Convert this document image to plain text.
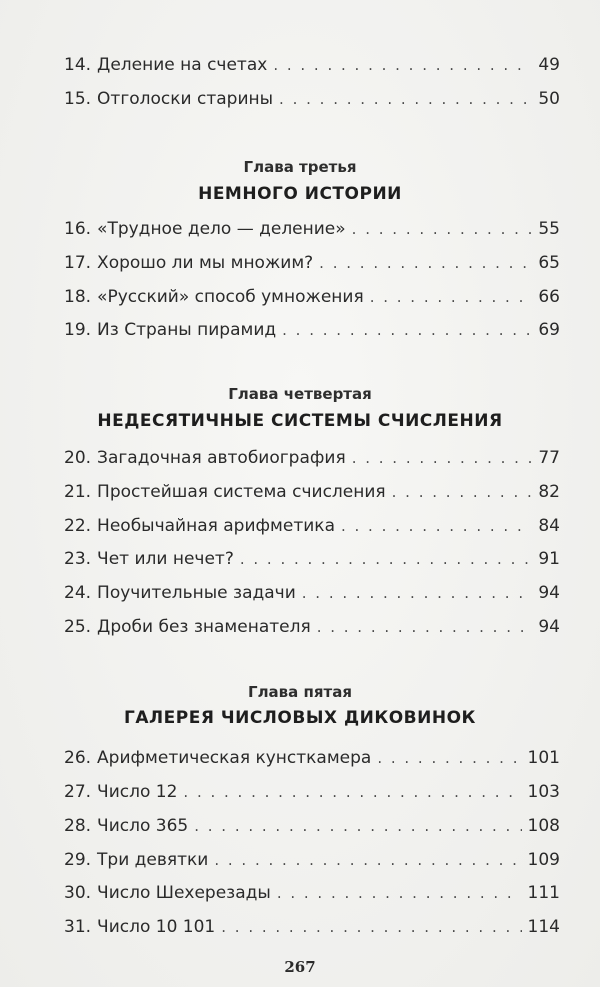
14. Деление на счетах . . .	49
15. Отголоски старины . . .	50
Глава третья
НЕМНОГО ИСТОРИИ
16. «Трудное дело — деление» . . .	55
17. Хорошо ли мы множим? . . .	65
18. «Русский» способ умножения . . .	66
19. Из Страны пирамид . . .	69
Глава четвертая
НЕДЕСЯТИЧНЫЕ СИСТЕМЫ СЧИСЛЕНИЯ
20. Загадочная автобиография . . .	77
21. Простейшая система счисления . . .	82
22. Необычайная арифметика . . .	84
23. Чет или нечет? . . .	91
24. Поучительные задачи . . .	94
25. Дроби без знаменателя . . .	94
Глава пятая
ГАЛЕРЕЯ ЧИСЛОВЫХ ДИКОВИНОК
26. Арифметическая кунсткамера . . .	101
27. Число 12 . . .	103
28. Число 365 . . .	108
29. Три девятки . . .	109
30. Число Шехерезады . . .	111
31. Число 10 101 . . .	114
267
